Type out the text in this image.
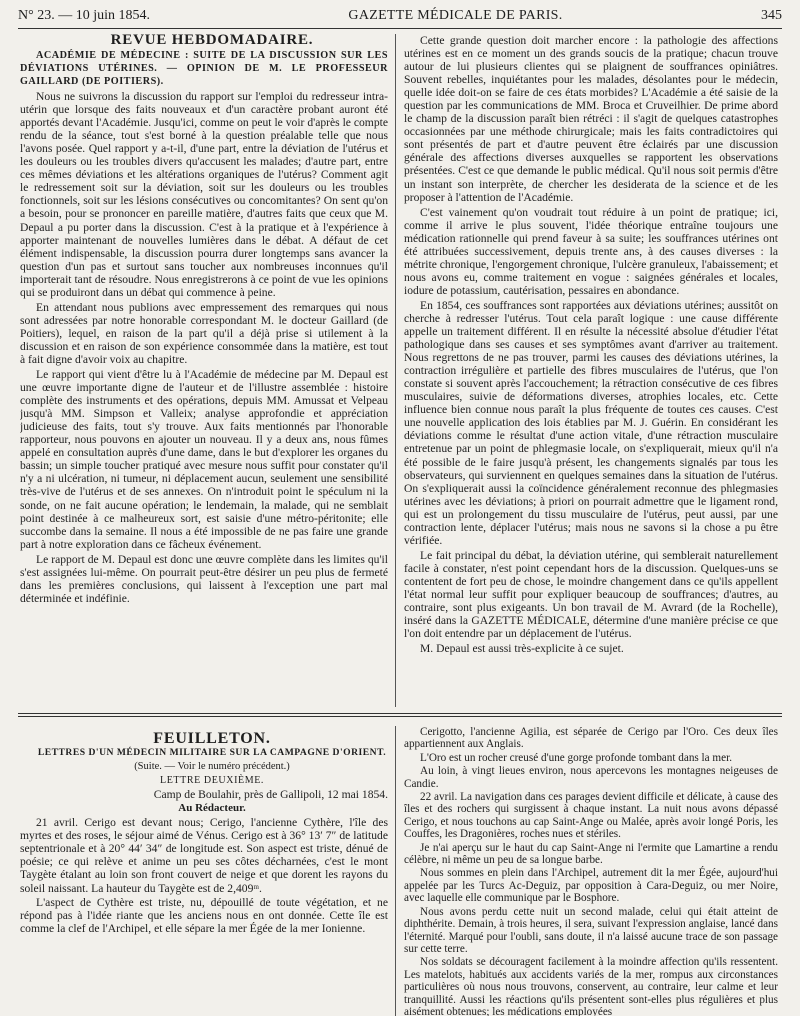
N° 23. — 10 juin 1854.	GAZETTE MÉDICALE DE PARIS.	345

REVUE HEBDOMADAIRE.

ACADÉMIE DE MÉDECINE : SUITE DE LA DISCUSSION SUR LES DÉVIATIONS UTÉRINES. — OPINION DE M. LE PROFESSEUR GAILLARD (DE POITIERS).

Nous ne suivrons la discussion du rapport sur l'emploi du redresseur intra-utérin que lorsque des faits nouveaux et d'un caractère probant auront été apportés devant l'Académie. Jusqu'ici, comme on peut le voir d'après le compte rendu de la séance, tout s'est borné à la question préalable telle que nous l'avons posée. Quel rapport y a-t-il, d'une part, entre la déviation de l'utérus et les douleurs ou les troubles divers qu'accusent les malades; d'autre part, entre ces mêmes déviations et les altérations organiques de l'utérus? Comment agit le redressement soit sur la déviation, soit sur les douleurs ou les troubles fonctionnels, soit sur les lésions consécutives ou concomitantes? On sent qu'on a besoin, pour se prononcer en pareille matière, d'autres faits que ceux que M. Depaul a pu porter dans la discussion. C'est à la pratique et à l'expérience à apporter maintenant de nouvelles lumières dans le débat. A défaut de cet élément indispensable, la discussion pourra durer longtemps sans avancer la question d'un pas et surtout sans toucher aux nombreuses inconnues qu'il importerait tant de résoudre. Nous enregistrerons à ce point de vue les opinions qui se produiront dans un débat qui commence à peine.

En attendant nous publions avec empressement des remarques qui nous sont adressées par notre honorable correspondant M. le docteur Gaillard (de Poitiers), lequel, en raison de la part qu'il a déjà prise si utilement à la discussion et en raison de son expérience consommée dans la matière, est tout à fait digne d'avoir voix au chapitre.

Le rapport qui vient d'être lu à l'Académie de médecine par M. Depaul est une œuvre importante digne de l'auteur et de l'illustre assemblée : histoire complète des instruments et des opérations, depuis MM. Amussat et Velpeau jusqu'à MM. Simpson et Valleix; analyse approfondie et appréciation judicieuse des faits, tout s'y trouve. Aux faits mentionnés par l'honorable rapporteur, nous pouvons en ajouter un nouveau. Il y a deux ans, nous fûmes appelé en consultation auprès d'une dame, dans le but d'explorer les organes du bassin; un simple toucher pratiqué avec mesure nous suffit pour constater qu'il n'y a ni ulcération, ni tumeur, ni déplacement aucun, seulement une sensibilité très-vive de l'utérus et de ses annexes. On n'introduit point le spéculum ni la sonde, on ne fait aucune opération; le lendemain, la malade, qui ne semblait point destinée à ce malheureux sort, est saisie d'une métro-péritonite; elle succombe dans la semaine. Il nous a été impossible de ne pas faire une grande part à notre exploration dans ce fâcheux événement.

Le rapport de M. Depaul est donc une œuvre complète dans les limites qu'il s'est assignées lui-même. On pourrait peut-être désirer un peu plus de fermeté dans les premières conclusions, qui laissent à l'exception une part mal déterminée et indéfinie.

Cette grande question doit marcher encore : la pathologie des affections utérines est en ce moment un des grands soucis de la pratique; chacun trouve autour de lui plusieurs clientes qui se plaignent de souffrances opiniâtres. Souvent rebelles, inquiétantes pour les malades, désolantes pour le médecin, quelle idée doit-on se faire de ces états morbides? L'Académie a été saisie de la question par les communications de MM. Broca et Cruveilhier. De prime abord le champ de la discussion paraît bien rétréci : il s'agit de quelques catastrophes occasionnées par une méthode chirurgicale; mais les faits contradictoires qui sont présentés de part et d'autre peuvent être éclairés par une discussion générale des affections diverses auxquelles se rapportent les observations présentées. C'est ce que demande le public médical. Qu'il nous soit permis d'être un instant son interprète, de chercher les desiderata de la science et de les proposer à l'attention de l'Académie.

C'est vainement qu'on voudrait tout réduire à un point de pratique; ici, comme il arrive le plus souvent, l'idée théorique entraîne toujours une médication rationnelle qui prend faveur à sa suite; les souffrances utérines ont été attribuées successivement, depuis trente ans, à des causes diverses : la métrite chronique, l'engorgement chronique, l'ulcère granuleux, l'abaissement; et nous avons eu, comme traitement en vogue : saignées générales et locales, iodure de potassium, cautérisation, pessaires en abondance.

En 1854, ces souffrances sont rapportées aux déviations utérines; aussitôt on cherche à redresser l'utérus. Tout cela paraît logique : une cause différente appelle un traitement différent. Il en résulte la nécessité absolue d'étudier l'état pathologique dans ses causes et ses symptômes avant d'arriver au traitement. Nous regrettons de ne pas trouver, parmi les causes des déviations utérines, la contraction irrégulière et partielle des fibres musculaires de l'utérus, que l'on constate si souvent après l'accouchement; la rétraction consécutive de ces fibres musculaires, suivie de déformations diverses, atrophies locales, etc. Cette influence bien connue nous paraît la plus fréquente de toutes ces causes. C'est une nouvelle application des lois établies par M. J. Guérin. En considérant les déviations comme le résultat d'une action vitale, d'une rétraction musculaire entretenue par un point de phlegmasie locale, on s'expliquerait, mieux qu'il n'a été possible de le faire jusqu'à présent, les changements signalés par tous les observateurs, qui surviennent en quelques semaines dans la situation de l'utérus. On s'expliquerait aussi la coïncidence généralement reconnue des phlegmasies utérines avec les déviations; à priori on pourrait admettre que le ligament rond, qui est un prolongement du tissu musculaire de l'utérus, peut aussi, par une contraction lente, déplacer l'utérus; mais nous ne savons si la chose a pu être vérifiée.

Le fait principal du débat, la déviation utérine, qui semblerait naturellement facile à constater, n'est point cependant hors de la discussion. Quelques-uns se contentent de fort peu de chose, le moindre changement dans ce qu'ils appellent l'état normal leur suffit pour expliquer beaucoup de souffrances; d'autres, au contraire, sont plus exigeants. Un bon travail de M. Avrard (de la Rochelle), inséré dans la GAZETTE MÉDICALE, détermine d'une manière précise ce que l'on doit entendre par un déplacement de l'utérus.

M. Depaul est aussi très-explicite à ce sujet.

FEUILLETON.

LETTRES D'UN MÉDECIN MILITAIRE SUR LA CAMPAGNE D'ORIENT.

(Suite. — Voir le numéro précédent.)

LETTRE DEUXIÈME.

Camp de Boulahir, près de Gallipoli, 12 mai 1854.

Au Rédacteur.

21 avril. Cerigo est devant nous; Cerigo, l'ancienne Cythère, l'île des myrtes et des roses, le séjour aimé de Vénus. Cerigo est à 36° 13′ 7″ de latitude septentrionale et à 20° 44′ 34″ de longitude est. Son aspect est triste, dénué de poésie; ce qui relève et anime un peu ses côtes décharnées, c'est le mont Taygète étalant au loin son front couvert de neige et que dorent les rayons du soleil naissant. La hauteur du Taygète est de 2,409ᵐ.

L'aspect de Cythère est triste, nu, dépouillé de toute végétation, et ne répond pas à l'idée riante que les anciens nous en ont donnée. Cette île est comme la clef de l'Archipel, et elle sépare la mer Égée de la mer Ionienne.

Cerigotto, l'ancienne Agilia, est séparée de Cerigo par l'Oro. Ces deux îles appartiennent aux Anglais.

L'Oro est un rocher creusé d'une gorge profonde tombant dans la mer.

Au loin, à vingt lieues environ, nous apercevons les montagnes neigeuses de Candie.

22 avril. La navigation dans ces parages devient difficile et délicate, à cause des îles et des rochers qui surgissent à chaque instant. La nuit nous avons dépassé Cerigo, et nous touchons au cap Saint-Ange ou Malée, après avoir longé Poris, les Couffes, les Dragonières, roches nues et stériles.

Je n'ai aperçu sur le haut du cap Saint-Ange ni l'ermite que Lamartine a rendu célèbre, ni même un peu de sa longue barbe.

Nous sommes en plein dans l'Archipel, autrement dit la mer Égée, aujourd'hui appelée par les Turcs Ac-Deguiz, par opposition à Cara-Deguiz, ou mer Noire, avec laquelle elle communique par le Bosphore.

Nous avons perdu cette nuit un second malade, celui qui était atteint de diphthérite. Demain, à trois heures, il sera, suivant l'expression anglaise, lancé dans l'éternité. Marqué pour l'oubli, sans doute, il n'a laissé aucune trace de son passage sur cette terre.

Nos soldats se découragent facilement à la moindre affection qu'ils ressentent. Les matelots, habitués aux accidents variés de la mer, rompus aux circonstances particulières où nous nous trouvons, conservent, au contraire, leur calme et leur tranquillité. Aussi les réactions qu'ils présentent sont-elles plus régulières et plus aisément obtenues; les médications employées
